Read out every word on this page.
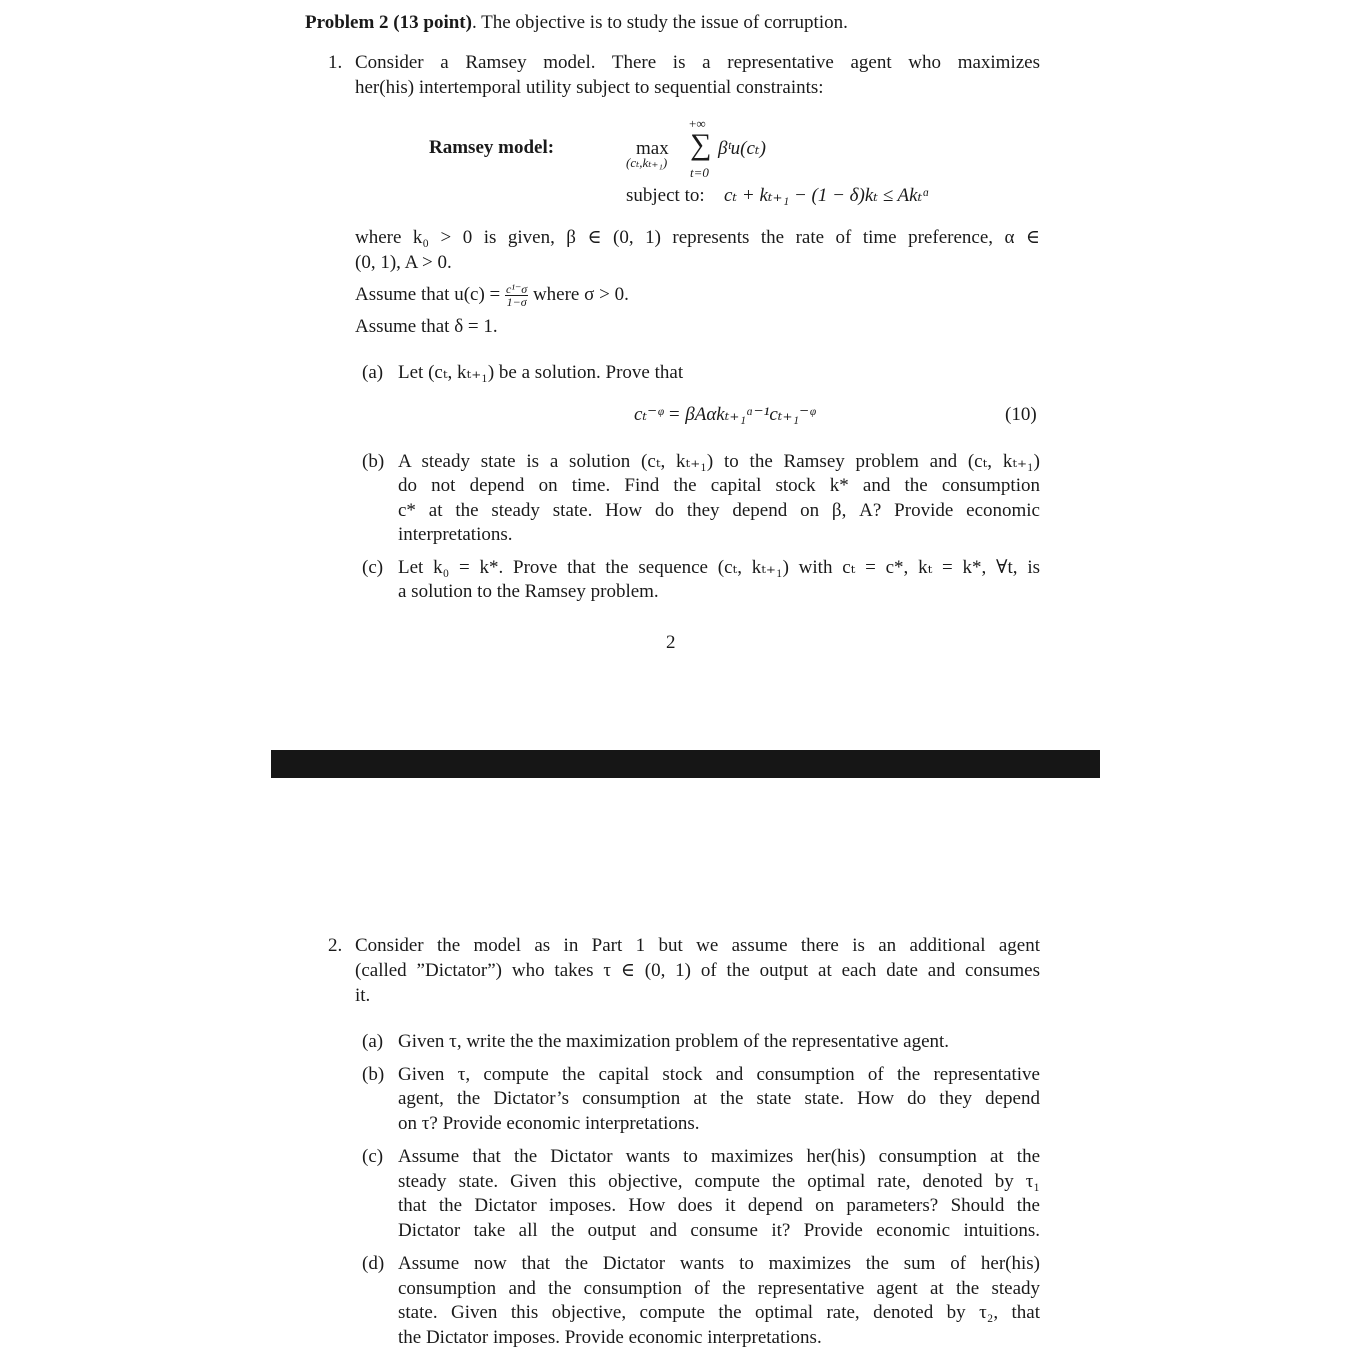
Problem 2 (13 point). The objective is to study the issue of corruption.
1. Consider a Ramsey model. There is a representative agent who maximizes
her(his) intertemporal utility subject to sequential constraints:
Ramsey model:	max
(cₜ,kₜ₊₁)
+∞
∑
t=0
βᵗu(cₜ)
subject to: cₜ + kₜ₊₁ − (1 − δ)kₜ ≤ Akₜᵅ
where k₀ > 0 is given, β ∈ (0, 1) represents the rate of time preference, α ∈
(0, 1), A > 0.
Assume that $u(c) = \frac{\text{c¹⁻σ}}{1-\sigma}$ where σ > 0.
Assume that δ = 1.
(a) Let (cₜ, kₜ₊₁) be a solution. Prove that
cₜ⁻ᵠ = βAαkₜ₊₁ᵅ⁻¹cₜ₊₁⁻ᵠ	(10)
(b) A steady state is a solution (cₜ, kₜ₊₁) to the Ramsey problem and (cₜ, kₜ₊₁)
do not depend on time. Find the capital stock k* and the consumption
c* at the steady state. How do they depend on β, A? Provide economic
interpretations.
(c) Let k₀ = k*. Prove that the sequence (cₜ, kₜ₊₁) with cₜ = c*, kₜ = k*, ∀t, is
a solution to the Ramsey problem.
2
2. Consider the model as in Part 1 but we assume there is an additional agent
(called ”Dictator”) who takes τ ∈ (0, 1) of the output at each date and consumes
it.
(a) Given τ, write the the maximization problem of the representative agent.
(b) Given τ, compute the capital stock and consumption of the representative
agent, the Dictator’s consumption at the state state. How do they depend
on τ? Provide economic interpretations.
(c) Assume that the Dictator wants to maximizes her(his) consumption at the
steady state. Given this objective, compute the optimal rate, denoted by τ₁
that the Dictator imposes. How does it depend on parameters? Should the
Dictator take all the output and consume it? Provide economic intuitions.
(d) Assume now that the Dictator wants to maximizes the sum of her(his)
consumption and the consumption of the representative agent at the steady
state. Given this objective, compute the optimal rate, denoted by τ₂, that
the Dictator imposes. Provide economic interpretations.
